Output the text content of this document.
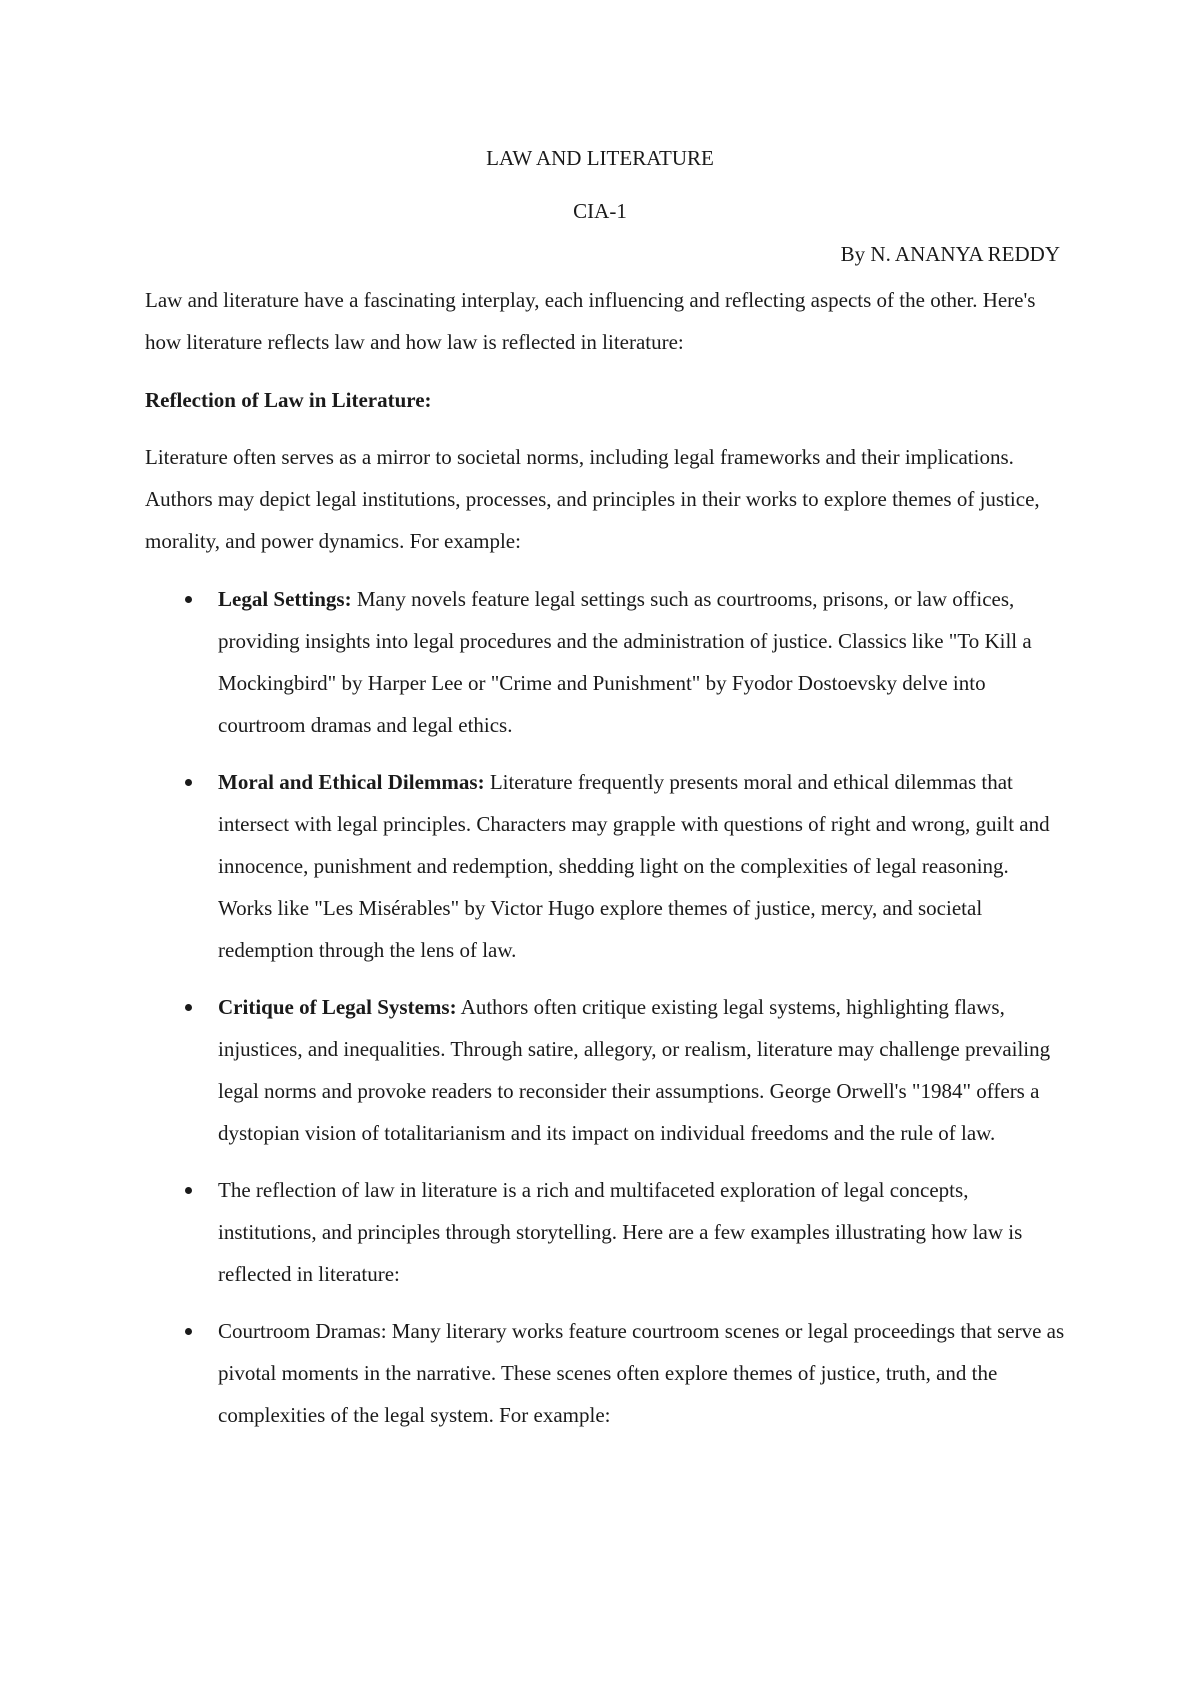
LAW AND LITERATURE
CIA-1
By N. ANANYA REDDY

Law and literature have a fascinating interplay, each influencing and reflecting aspects of the other. Here's how literature reflects law and how law is reflected in literature:

Reflection of Law in Literature:

Literature often serves as a mirror to societal norms, including legal frameworks and their implications. Authors may depict legal institutions, processes, and principles in their works to explore themes of justice, morality, and power dynamics. For example:

Legal Settings: Many novels feature legal settings such as courtrooms, prisons, or law offices, providing insights into legal procedures and the administration of justice. Classics like "To Kill a Mockingbird" by Harper Lee or "Crime and Punishment" by Fyodor Dostoevsky delve into courtroom dramas and legal ethics.
Moral and Ethical Dilemmas: Literature frequently presents moral and ethical dilemmas that intersect with legal principles. Characters may grapple with questions of right and wrong, guilt and innocence, punishment and redemption, shedding light on the complexities of legal reasoning. Works like "Les Misérables" by Victor Hugo explore themes of justice, mercy, and societal redemption through the lens of law.
Critique of Legal Systems: Authors often critique existing legal systems, highlighting flaws, injustices, and inequalities. Through satire, allegory, or realism, literature may challenge prevailing legal norms and provoke readers to reconsider their assumptions. George Orwell's "1984" offers a dystopian vision of totalitarianism and its impact on individual freedoms and the rule of law.
The reflection of law in literature is a rich and multifaceted exploration of legal concepts, institutions, and principles through storytelling. Here are a few examples illustrating how law is reflected in literature:
Courtroom Dramas: Many literary works feature courtroom scenes or legal proceedings that serve as pivotal moments in the narrative. These scenes often explore themes of justice, truth, and the complexities of the legal system. For example:
